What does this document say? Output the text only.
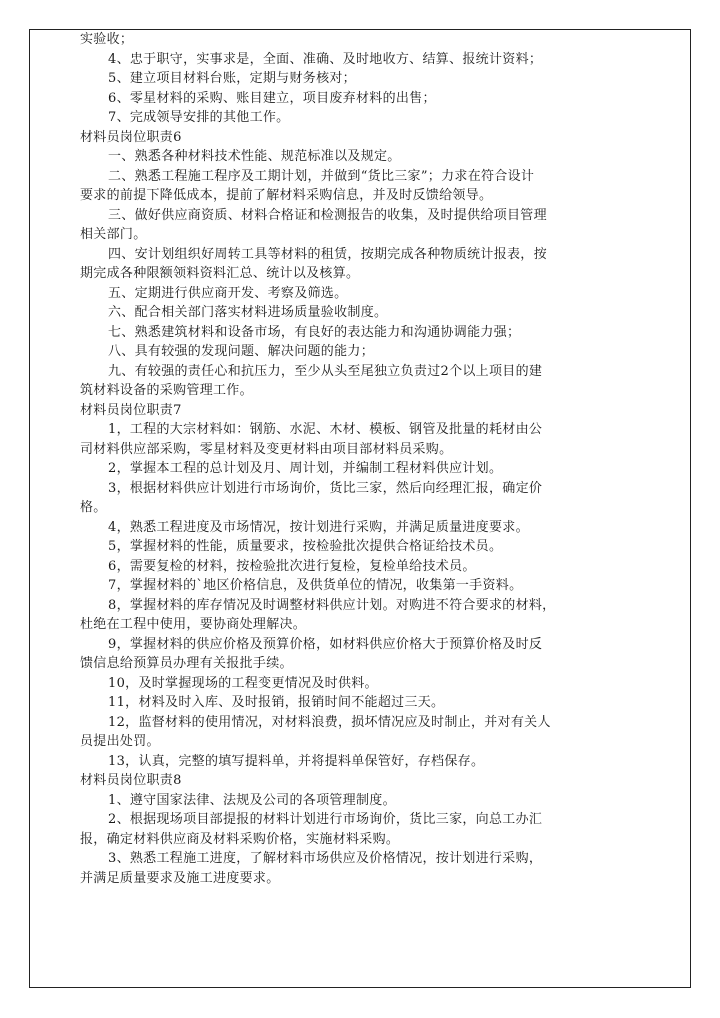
实验收；
4、忠于职守，实事求是，全面、准确、及时地收方、结算、报统计资料；
5、建立项目材料台账，定期与财务核对；
6、零星材料的采购、账目建立，项目废弃材料的出售；
7、完成领导安排的其他工作。
材料员岗位职责6
一、熟悉各种材料技术性能、规范标准以及规定。
二、熟悉工程施工程序及工期计划，并做到“货比三家”；力求在符合设计
要求的前提下降低成本，提前了解材料采购信息，并及时反馈给领导。
三、做好供应商资质、材料合格证和检测报告的收集，及时提供给项目管理
相关部门。
四、安计划组织好周转工具等材料的租赁，按期完成各种物质统计报表，按
期完成各种限额领料资料汇总、统计以及核算。
五、定期进行供应商开发、考察及筛选。
六、配合相关部门落实材料进场质量验收制度。
七、熟悉建筑材料和设备市场，有良好的表达能力和沟通协调能力强；
八、具有较强的发现问题、解决问题的能力；
九、有较强的责任心和抗压力，至少从头至尾独立负责过2个以上项目的建
筑材料设备的采购管理工作。
材料员岗位职责7
1，工程的大宗材料如：钢筋、水泥、木材、模板、钢管及批量的耗材由公
司材料供应部采购，零星材料及变更材料由项目部材料员采购。
2，掌握本工程的总计划及月、周计划，并编制工程材料供应计划。
3，根据材料供应计划进行市场询价，货比三家，然后向经理汇报，确定价
格。
4，熟悉工程进度及市场情况，按计划进行采购，并满足质量进度要求。
5，掌握材料的性能，质量要求，按检验批次提供合格证给技术员。
6，需要复检的材料，按检验批次进行复检，复检单给技术员。
7，掌握材料的`地区价格信息，及供货单位的情况，收集第一手资料。
8，掌握材料的库存情况及时调整材料供应计划。对购进不符合要求的材料，
杜绝在工程中使用，要协商处理解决。
9，掌握材料的供应价格及预算价格，如材料供应价格大于预算价格及时反
馈信息给预算员办理有关报批手续。
10，及时掌握现场的工程变更情况及时供料。
11，材料及时入库、及时报销，报销时间不能超过三天。
12，监督材料的使用情况，对材料浪费，损坏情况应及时制止，并对有关人
员提出处罚。
13，认真，完整的填写提料单，并将提料单保管好，存档保存。
材料员岗位职责8
1、遵守国家法律、法规及公司的各项管理制度。
2、根据现场项目部提报的材料计划进行市场询价，货比三家，向总工办汇
报，确定材料供应商及材料采购价格，实施材料采购。
3、熟悉工程施工进度，了解材料市场供应及价格情况，按计划进行采购，
并满足质量要求及施工进度要求。
